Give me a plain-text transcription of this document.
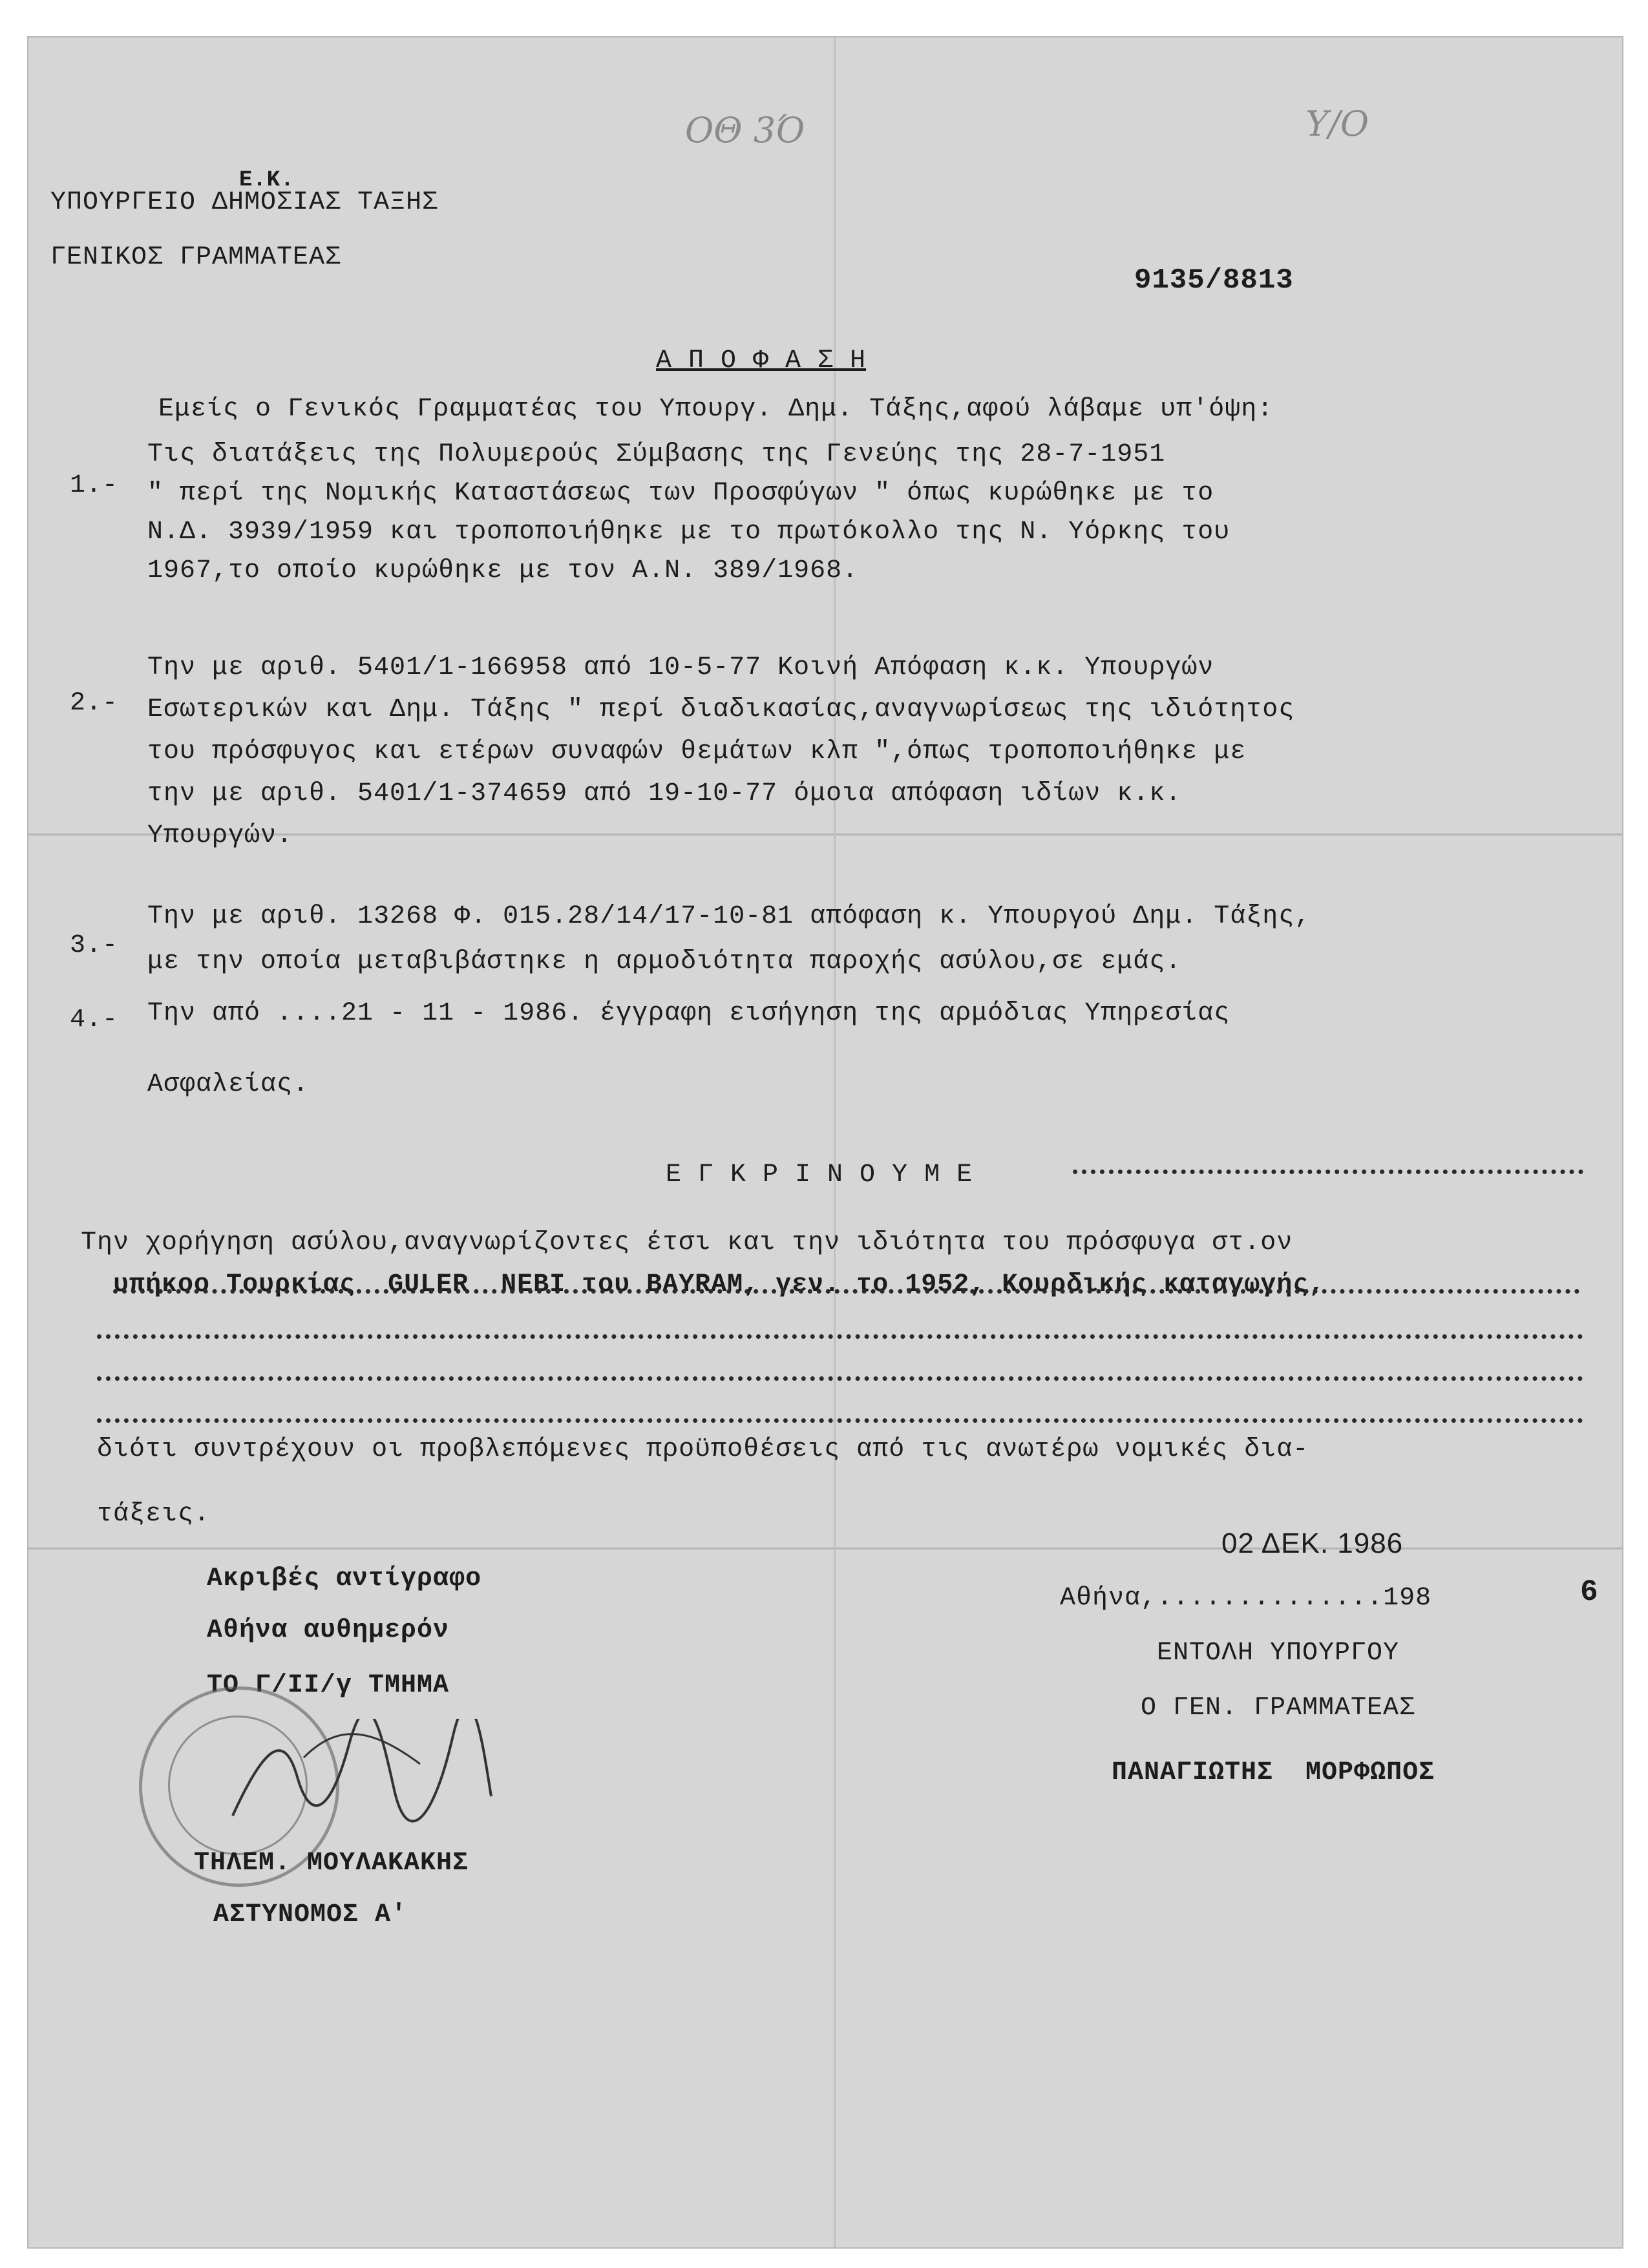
ΟΘ 3Ό	Υ/Ο
Ε.Κ.
ΥΠΟΥΡΓΕΙΟ ΔΗΜΟΣΙΑΣ ΤΑΞΗΣ
ΓΕΝΙΚΟΣ ΓΡΑΜΜΑΤΕΑΣ
9135/8813
Α Π Ο Φ Α Σ Η
Εμείς ο Γενικός Γραμματέας του Υπουργ. Δημ. Τάξης,αφού λάβαμε υπ'όψη:
1.-
Τις διατάξεις της Πολυμερούς Σύμβασης της Γενεύης της 28-7-1951
" περί της Νομικής Καταστάσεως των Προσφύγων " όπως κυρώθηκε με το
Ν.Δ. 3939/1959 και τροποποιήθηκε με το πρωτόκολλο της Ν. Υόρκης του
1967,το οποίο κυρώθηκε με τον Α.Ν. 389/1968.
2.-
Την με αριθ. 5401/1-166958 από 10-5-77 Κοινή Απόφαση κ.κ. Υπουργών
Εσωτερικών και Δημ. Τάξης " περί διαδικασίας,αναγνωρίσεως της ιδιότητος
του πρόσφυγος και ετέρων συναφών θεμάτων κλπ ",όπως τροποποιήθηκε με
την με αριθ. 5401/1-374659 από 19-10-77 όμοια απόφαση ιδίων κ.κ.
Υπουργών.
3.-
Την με αριθ. 13268 Φ. 015.28/14/17-10-81 απόφαση κ. Υπουργού Δημ. Τάξης,
με την οποία μεταβιβάστηκε η αρμοδιότητα παροχής ασύλου,σε εμάς.
4.- Την από ....21 - 11 - 1986. έγγραφη εισήγηση της αρμόδιας Υπηρεσίας
Ασφαλείας.
Ε Γ Κ Ρ Ι Ν Ο Υ Μ Ε
Την χορήγηση ασύλου,αναγνωρίζοντες έτσι και την ιδιότητα του πρόσφυγα στ.ον
υπήκοο Τουρκίας  GULER  NEBI του BAYRAM, γεν. το 1952, Κουρδικής καταγωγής,
διότι συντρέχουν οι προβλεπόμενες προϋποθέσεις από τις ανωτέρω νομικές δια-
τάξεις.
Ακριβές αντίγραφο
Αθήνα αυθημερόν
ΤΟ Γ/ΙΙ/γ ΤΜΗΜΑ
ΤΗΛΕΜ. ΜΟΥΛΑΚΑΚΗΣ
ΑΣΤΥΝΟΜΟΣ Α'
02 ΔΕΚ. 1986
Αθήνα,..............198	6
ΕΝΤΟΛΗ ΥΠΟΥΡΓΟΥ
Ο ΓΕΝ. ΓΡΑΜΜΑΤΕΑΣ
ΠΑΝΑΓΙΩΤΗΣ  ΜΟΡΦΩΠΟΣ
